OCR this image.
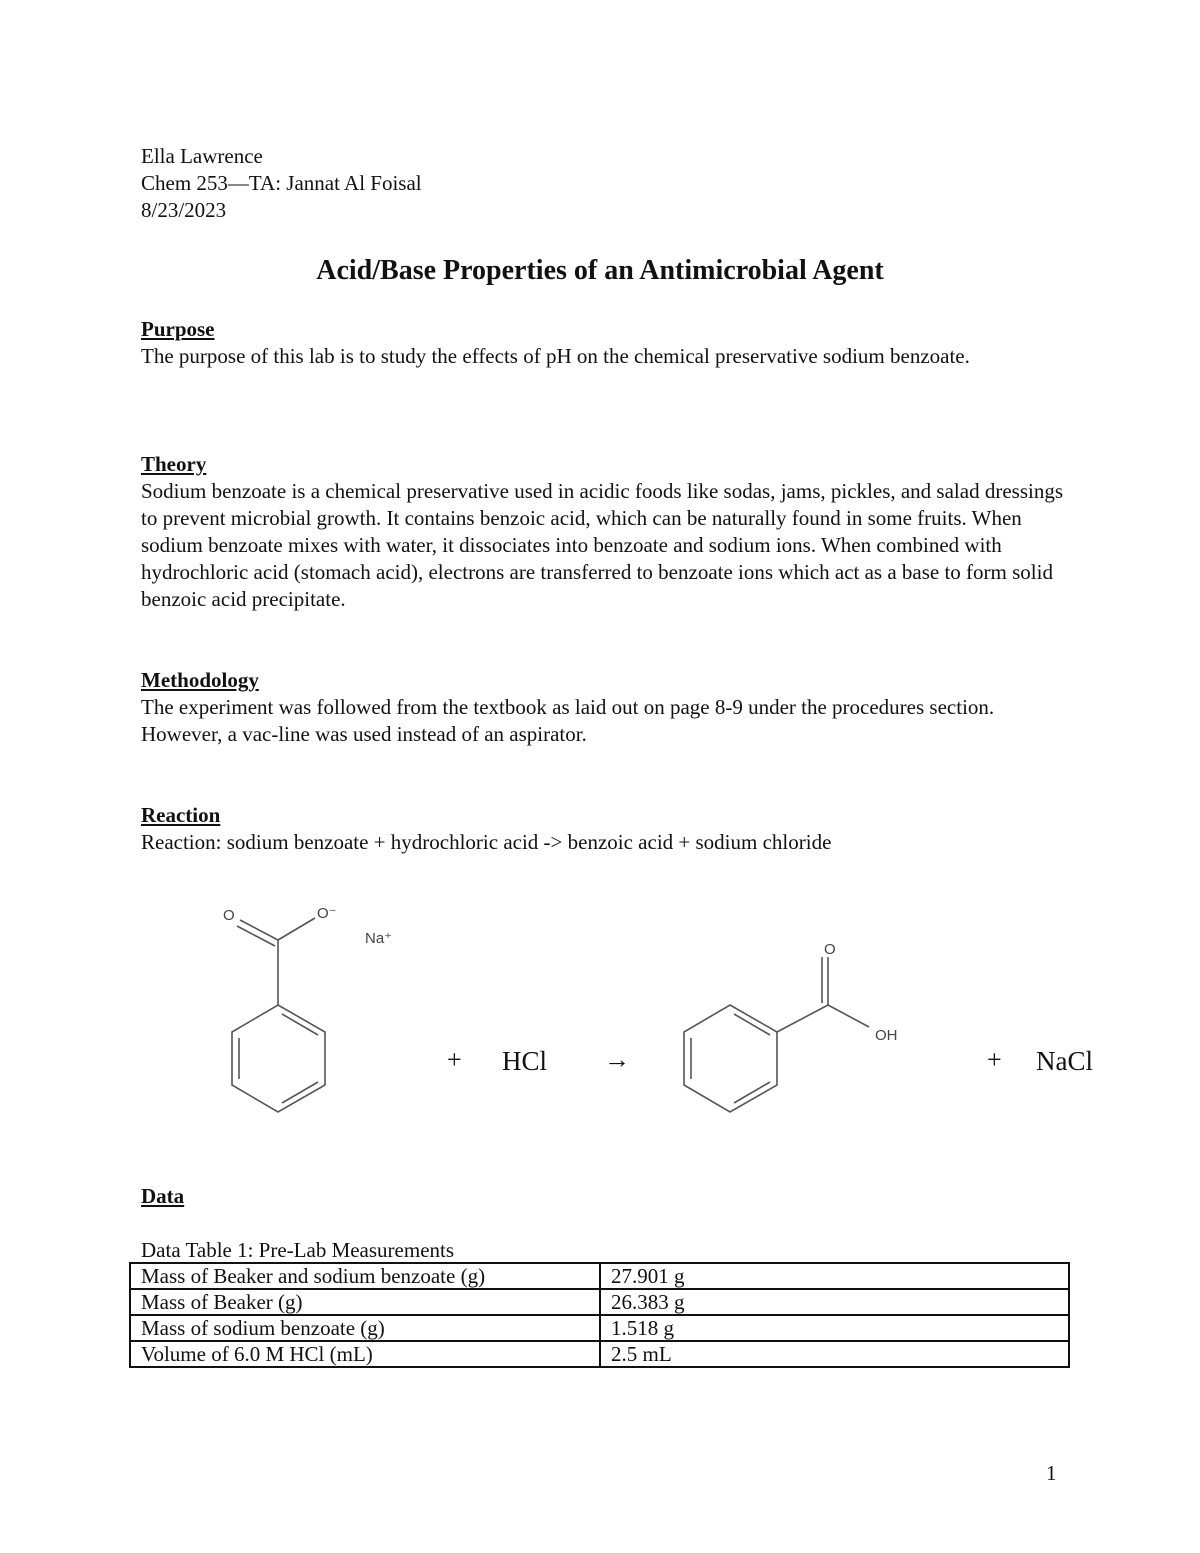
Ella Lawrence
Chem 253—TA: Jannat Al Foisal
8/23/2023
Acid/Base Properties of an Antimicrobial Agent
Purpose

The purpose of this lab is to study the effects of pH on the chemical preservative sodium benzoate.

Theory

Sodium benzoate is a chemical preservative used in acidic foods like sodas, jams, pickles, and salad dressings to prevent microbial growth. It contains benzoic acid, which can be naturally found in some fruits. When sodium benzoate mixes with water, it dissociates into benzoate and sodium ions. When combined with hydrochloric acid (stomach acid), electrons are transferred to benzoate ions which act as a base to form solid benzoic acid precipitate.

Methodology

The experiment was followed from the textbook as laid out on page 8-9 under the procedures section. However, a vac-line was used instead of an aspirator.

Reaction

Reaction: sodium benzoate + hydrochloric acid -> benzoic acid + sodium chloride

O	O⁻
Na⁺
+ HCl →
O
OH
+ NaCl
Data
Data Table 1: Pre-Lab Measurements
Mass of Beaker and sodium benzoate (g)	27.901 g
Mass of Beaker (g)	26.383 g
Mass of sodium benzoate (g)	1.518 g
Volume of 6.0 M HCl (mL)	2.5 mL
1
